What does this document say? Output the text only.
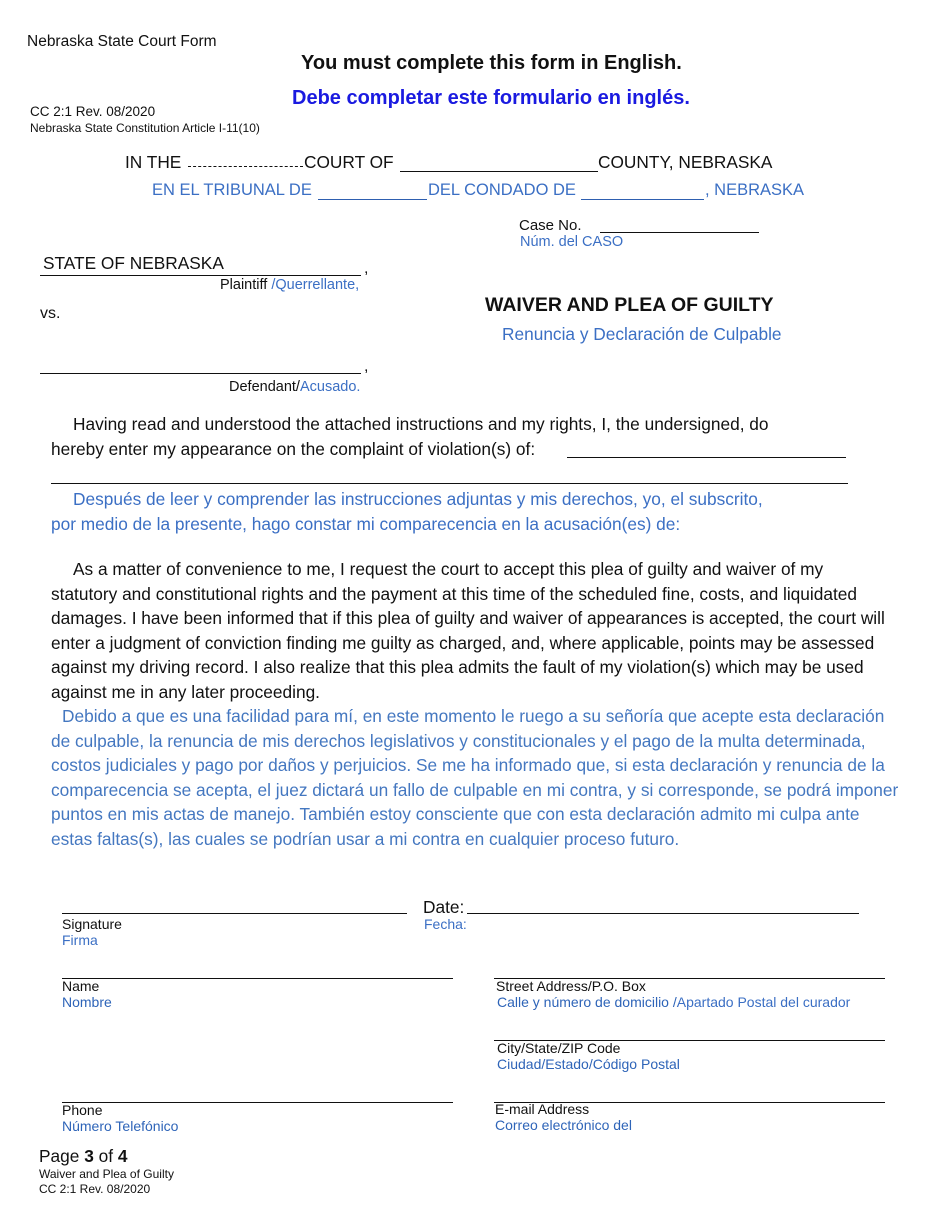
Nebraska State Court Form
You must complete this form in English.
Debe completar este formulario en inglés.
CC 2:1 Rev. 08/2020
Nebraska State Constitution Article I-11(10)
IN THE	COURT OF	COUNTY, NEBRASKA
EN EL TRIBUNAL DE	DEL CONDADO DE	, NEBRASKA
Case No.
Núm. del CASO
STATE OF NEBRASKA	,
Plaintiff /Querrellante,
vs.	WAIVER AND PLEA OF GUILTY
Renuncia y Declaración de Culpable
,
Defendant/Acusado.
Having read and understood the attached instructions and my rights, I, the undersigned, do
hereby enter my appearance on the complaint of violation(s) of:
Después de leer y comprender las instrucciones adjuntas y mis derechos, yo, el subscrito,
por medio de la presente, hago constar mi comparecencia en la acusación(es) de:
As a matter of convenience to me, I request the court to accept this plea of guilty and waiver of my statutory and constitutional rights and the payment at this time of the scheduled fine, costs, and liquidated damages. I have been informed that if this plea of guilty and waiver of appearances is accepted, the court will enter a judgment of conviction finding me guilty as charged, and, where applicable, points may be assessed against my driving record. I also realize that this plea admits the fault of my violation(s) which may be used against me in any later proceeding.
Debido a que es una facilidad para mí, en este momento le ruego a su señoría que acepte esta declaración de culpable, la renuncia de mis derechos legislativos y constitucionales y el pago de la multa determinada, costos judiciales y pago por daños y perjuicios. Se me ha informado que, si esta declaración y renuncia de la comparecencia se acepta, el juez dictará un fallo de culpable en mi contra, y si corresponde, se podrá imponer puntos en mis actas de manejo. También estoy consciente que con esta declaración admito mi culpa ante estas faltas(s), las cuales se podrían usar a mi contra en cualquier proceso futuro.
Date:
Signature
Firma
Fecha:
Name
Nombre
Street Address/P.O. Box
Calle y número de domicilio /Apartado Postal del curador
City/State/ZIP Code
Ciudad/Estado/Código Postal
Phone
Número Telefónico
E-mail Address
Correo electrónico del
Page 3 of 4
Waiver and Plea of Guilty
CC 2:1 Rev. 08/2020
